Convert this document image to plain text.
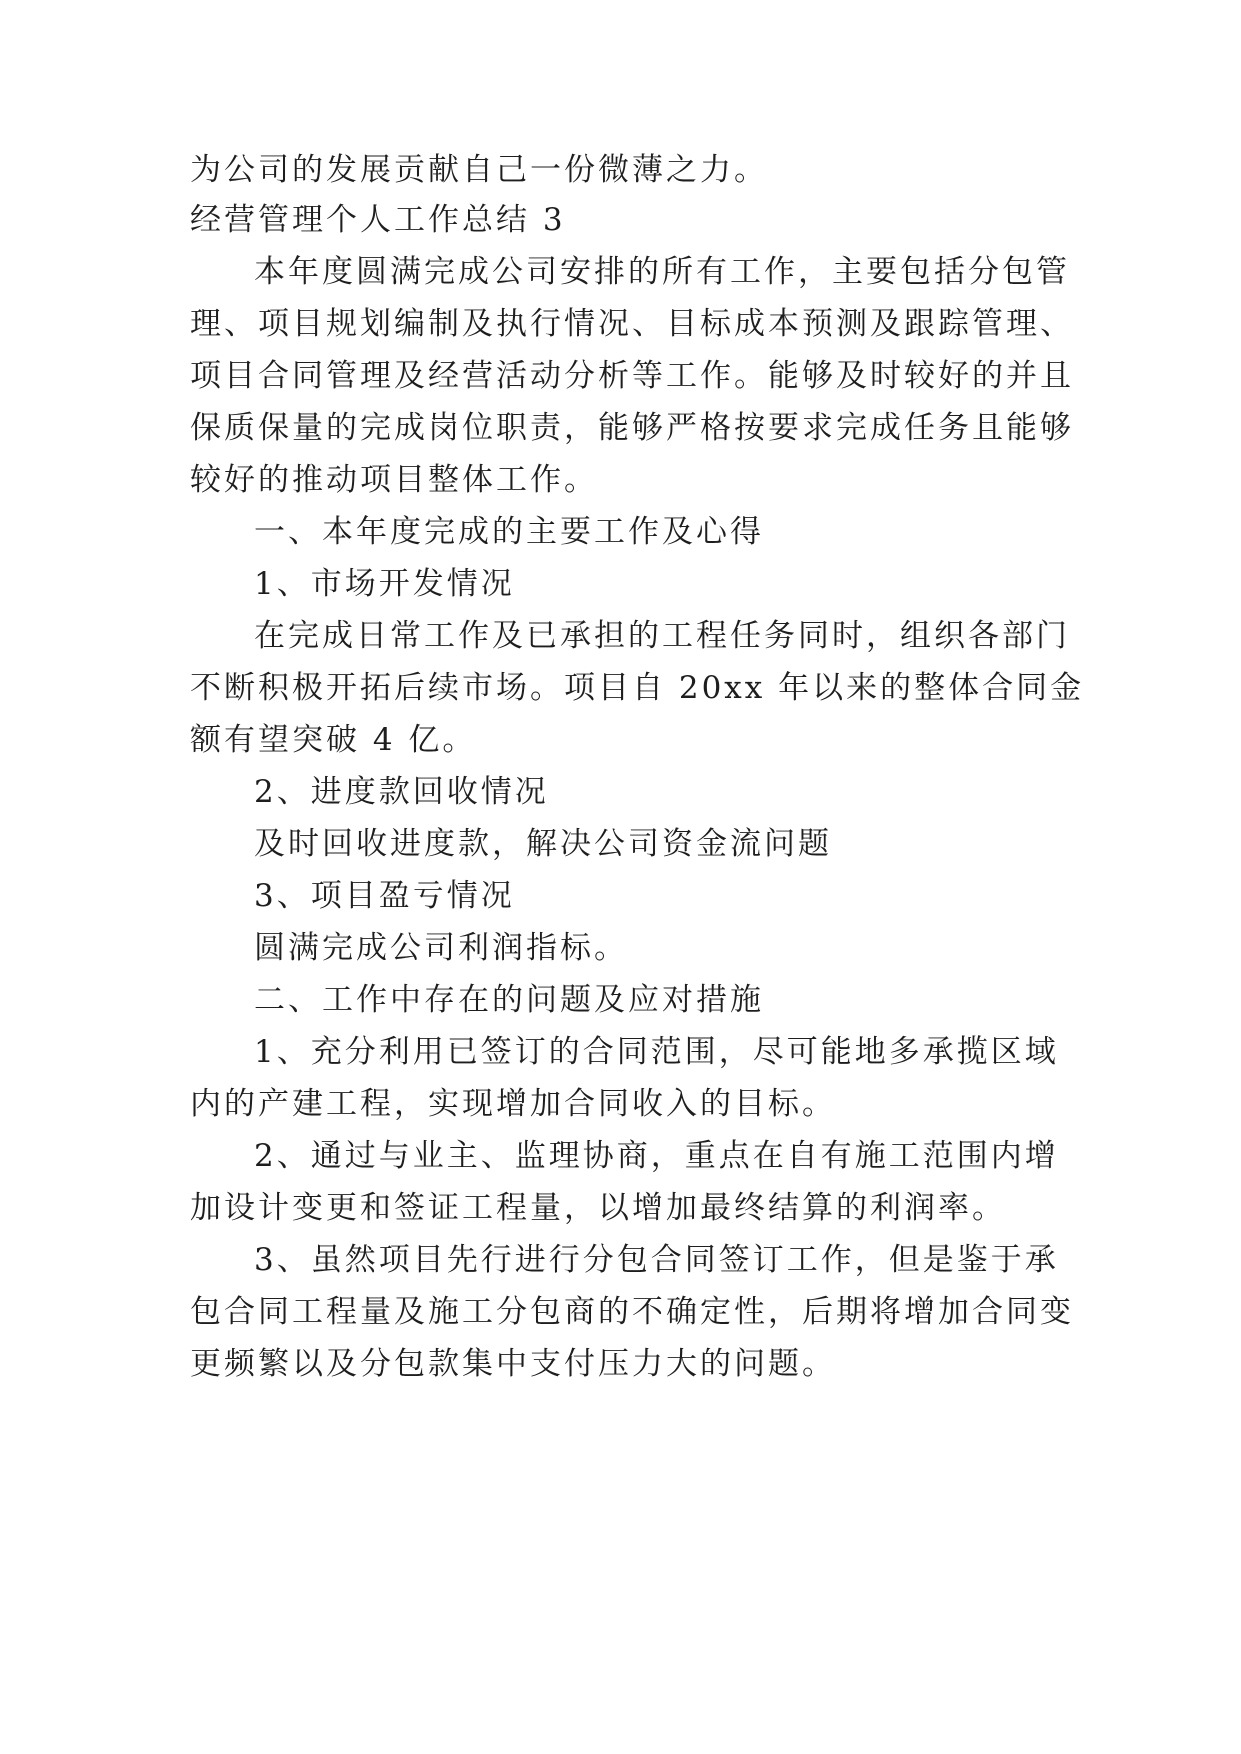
为公司的发展贡献自己一份微薄之力。

经营管理个人工作总结 3

本年度圆满完成公司安排的所有工作，主要包括分包管

理、项目规划编制及执行情况、目标成本预测及跟踪管理、

项目合同管理及经营活动分析等工作。能够及时较好的并且

保质保量的完成岗位职责，能够严格按要求完成任务且能够

较好的推动项目整体工作。

一、本年度完成的主要工作及心得

1、市场开发情况

在完成日常工作及已承担的工程任务同时，组织各部门

不断积极开拓后续市场。项目自 20xx 年以来的整体合同金

额有望突破 4 亿。

2、进度款回收情况

及时回收进度款，解决公司资金流问题

3、项目盈亏情况

圆满完成公司利润指标。

二、工作中存在的问题及应对措施

1、充分利用已签订的合同范围，尽可能地多承揽区域

内的产建工程，实现增加合同收入的目标。

2、通过与业主、监理协商，重点在自有施工范围内增

加设计变更和签证工程量，以增加最终结算的利润率。

3、虽然项目先行进行分包合同签订工作，但是鉴于承

包合同工程量及施工分包商的不确定性，后期将增加合同变

更频繁以及分包款集中支付压力大的问题。
